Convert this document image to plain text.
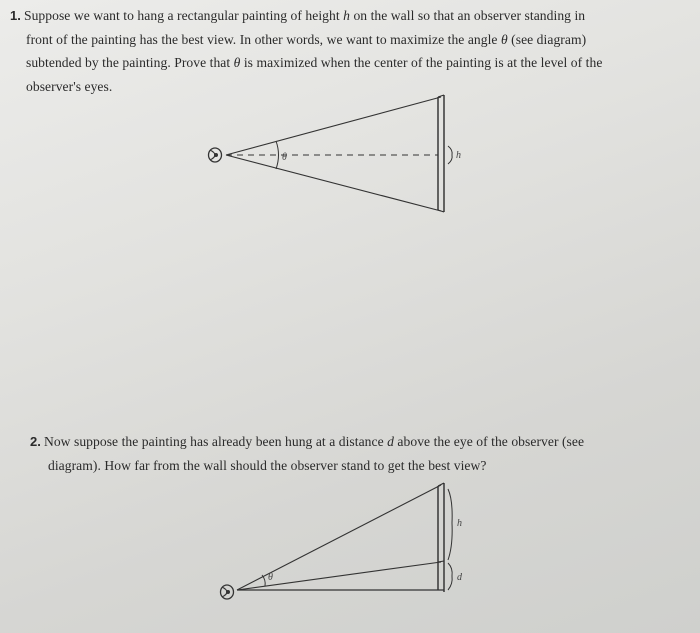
1. Suppose we want to hang a rectangular painting of height h on the wall so that an observer standing in
front of the painting has the best view. In other words, we want to maximize the angle θ (see diagram)
subtended by the painting. Prove that θ is maximized when the center of the painting is at the level of the
observer's eyes.
θ	h
2. Now suppose the painting has already been hung at a distance d above the eye of the observer (see
diagram). How far from the wall should the observer stand to get the best view?
θ
h
d
